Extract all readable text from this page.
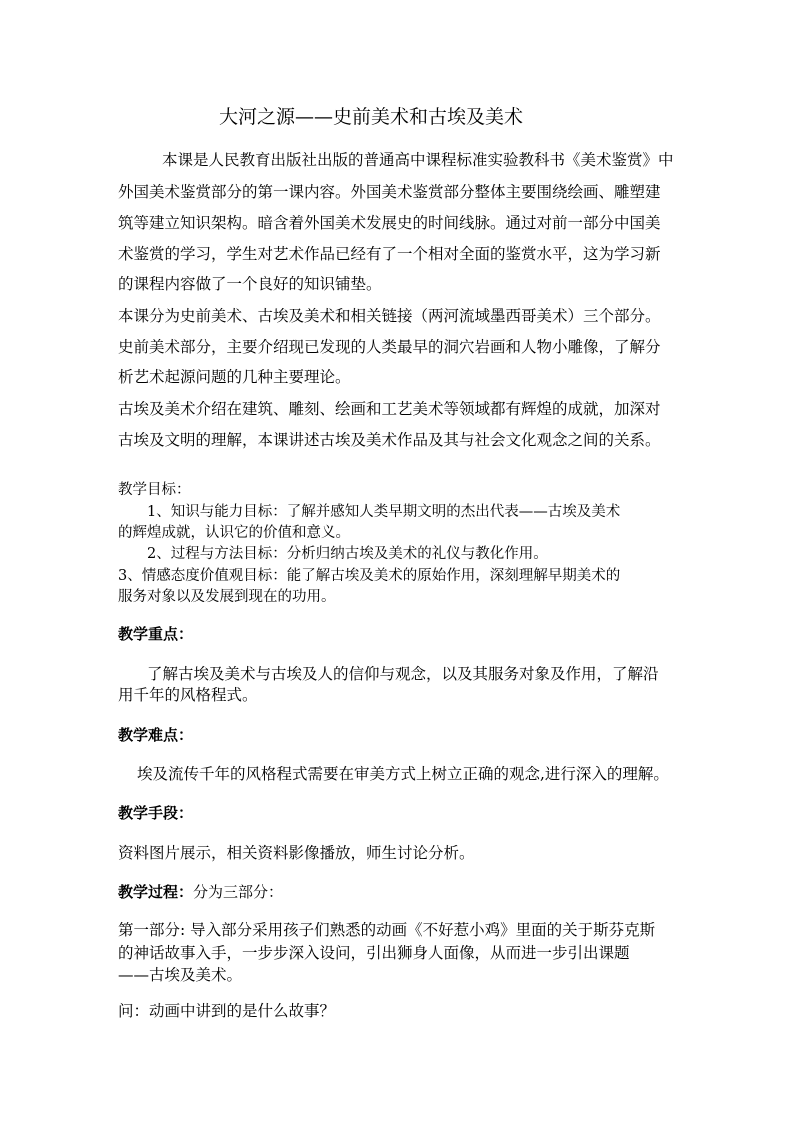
大河之源——史前美术和古埃及美术
本课是人民教育出版社出版的普通高中课程标准实验教科书《美术鉴赏》中
外国美术鉴赏部分的第一课内容。外国美术鉴赏部分整体主要围绕绘画、雕塑建
筑等建立知识架构。暗含着外国美术发展史的时间线脉。通过对前一部分中国美
术鉴赏的学习，学生对艺术作品已经有了一个相对全面的鉴赏水平，这为学习新
的课程内容做了一个良好的知识铺垫。
本课分为史前美术、古埃及美术和相关链接（两河流域墨西哥美术）三个部分。
史前美术部分，主要介绍现已发现的人类最早的洞穴岩画和人物小雕像，了解分
析艺术起源问题的几种主要理论。
古埃及美术介绍在建筑、雕刻、绘画和工艺美术等领域都有辉煌的成就，加深对
古埃及文明的理解，本课讲述古埃及美术作品及其与社会文化观念之间的关系。
教学目标：
1、知识与能力目标：了解并感知人类早期文明的杰出代表——古埃及美术
的辉煌成就，认识它的价值和意义。
2、过程与方法目标：分析归纳古埃及美术的礼仪与教化作用。
3、情感态度价值观目标：能了解古埃及美术的原始作用，深刻理解早期美术的
服务对象以及发展到现在的功用。
教学重点：
了解古埃及美术与古埃及人的信仰与观念，以及其服务对象及作用，了解沿
用千年的风格程式。
教学难点：
埃及流传千年的风格程式需要在审美方式上树立正确的观念,进行深入的理解。
教学手段：
资料图片展示，相关资料影像播放，师生讨论分析。
教学过程：分为三部分：
第一部分: 导入部分采用孩子们熟悉的动画《不好惹小鸡》里面的关于斯芬克斯
的神话故事入手，一步步深入设问，引出狮身人面像，从而进一步引出课题
——古埃及美术。
问：动画中讲到的是什么故事？
